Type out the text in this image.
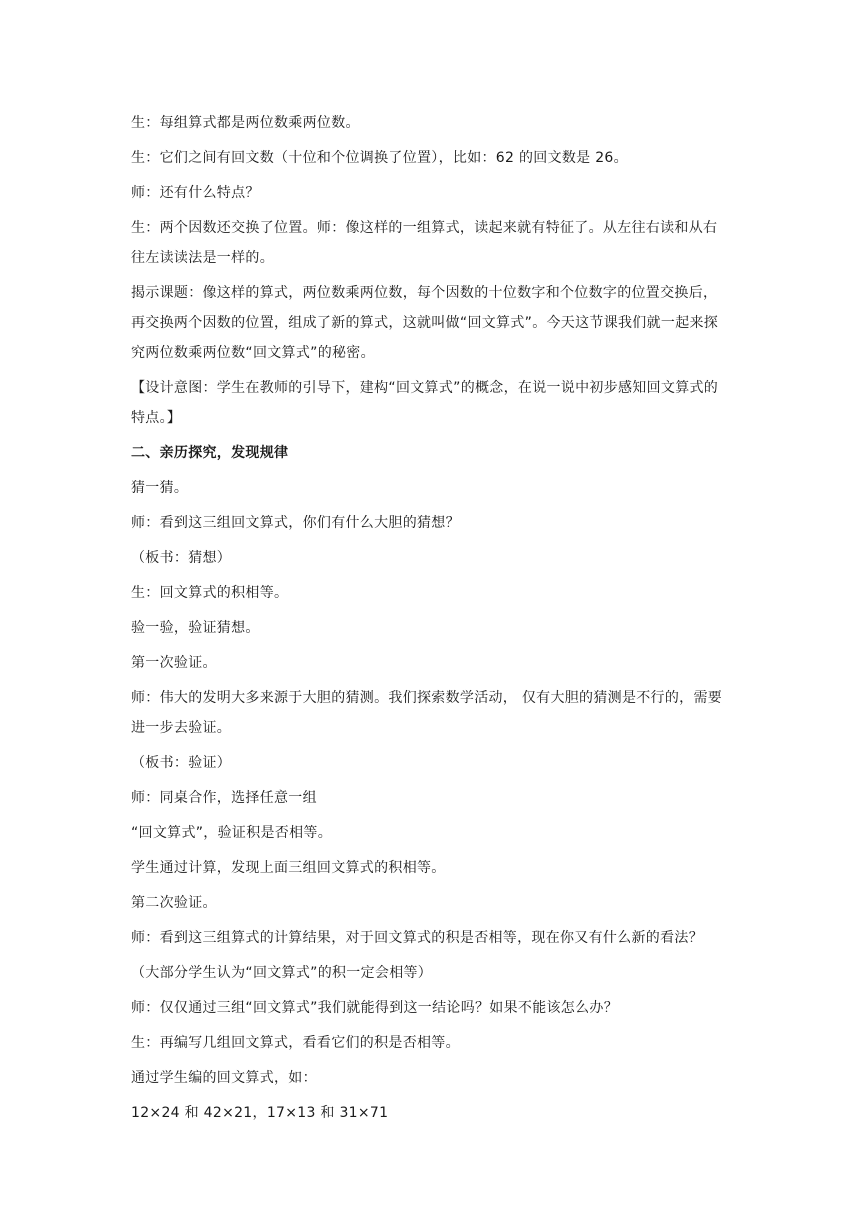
生：每组算式都是两位数乘两位数。

生：它们之间有回文数（十位和个位调换了位置），比如：62 的回文数是 26。

师：还有什么特点？

生：两个因数还交换了位置。师：像这样的一组算式，读起来就有特征了。从左往右读和从右往左读读法是一样的。

揭示课题：像这样的算式，两位数乘两位数，每个因数的十位数字和个位数字的位置交换后，再交换两个因数的位置，组成了新的算式，这就叫做“回文算式”。今天这节课我们就一起来探究两位数乘两位数“回文算式”的秘密。

【设计意图：学生在教师的引导下，建构“回文算式”的概念，在说一说中初步感知回文算式的特点。】

二、亲历探究，发现规律

猜一猜。

师：看到这三组回文算式，你们有什么大胆的猜想？

（板书：猜想）

生：回文算式的积相等。

验一验，验证猜想。

第一次验证。

师：伟大的发明大多来源于大胆的猜测。我们探索数学活动， 仅有大胆的猜测是不行的，需要进一步去验证。

（板书：验证）

师：同桌合作，选择任意一组

“回文算式”，验证积是否相等。

学生通过计算，发现上面三组回文算式的积相等。

第二次验证。

师：看到这三组算式的计算结果，对于回文算式的积是否相等，现在你又有什么新的看法？

（大部分学生认为“回文算式”的积一定会相等）

师：仅仅通过三组“回文算式”我们就能得到这一结论吗？如果不能该怎么办？

生：再编写几组回文算式，看看它们的积是否相等。

通过学生编的回文算式，如：

12×24 和 42×21，17×13 和 31×71
